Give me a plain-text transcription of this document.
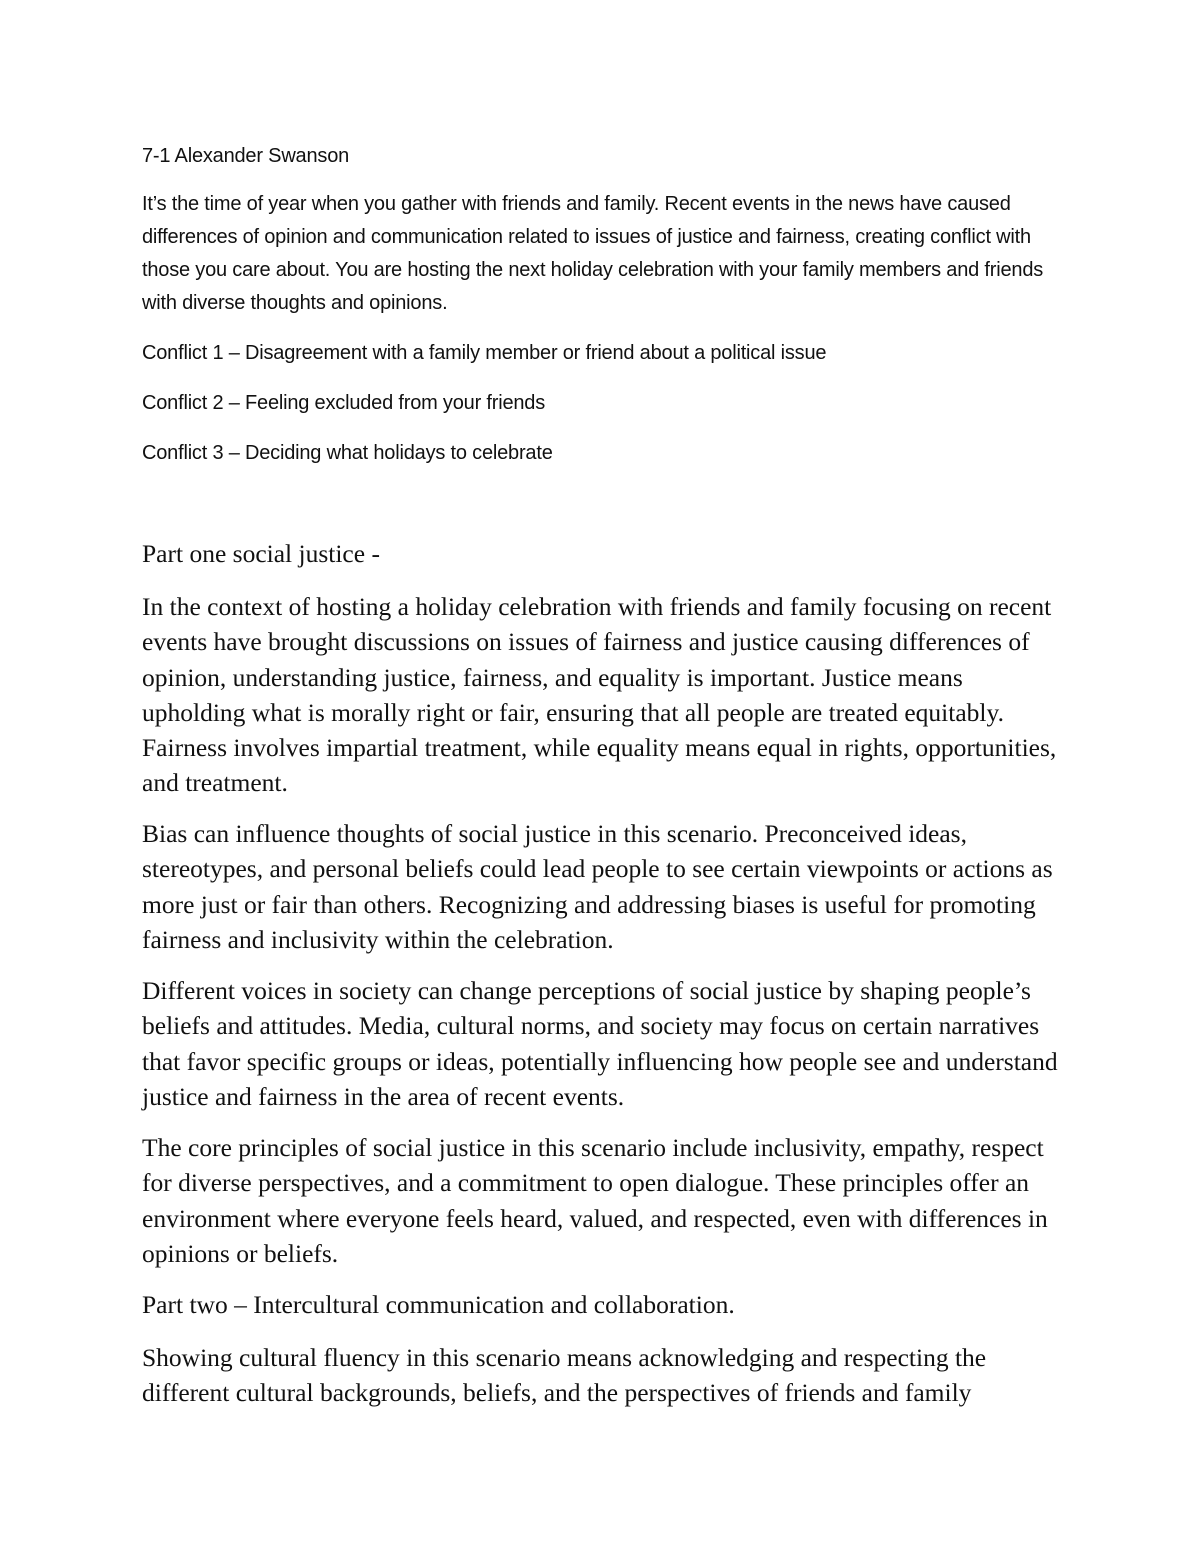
7-1 Alexander Swanson

It’s the time of year when you gather with friends and family. Recent events in the news have caused differences of opinion and communication related to issues of justice and fairness, creating conflict with those you care about. You are hosting the next holiday celebration with your family members and friends with diverse thoughts and opinions.

Conflict 1 – Disagreement with a family member or friend about a political issue

Conflict 2 – Feeling excluded from your friends

Conflict 3 – Deciding what holidays to celebrate

Part one social justice -

In the context of hosting a holiday celebration with friends and family focusing on recent events have brought discussions on issues of fairness and justice causing differences of opinion, understanding justice, fairness, and equality is important. Justice means upholding what is morally right or fair, ensuring that all people are treated equitably. Fairness involves impartial treatment, while equality means equal in rights, opportunities, and treatment.

Bias can influence thoughts of social justice in this scenario. Preconceived ideas, stereotypes, and personal beliefs could lead people to see certain viewpoints or actions as more just or fair than others. Recognizing and addressing biases is useful for promoting fairness and inclusivity within the celebration.

Different voices in society can change perceptions of social justice by shaping people’s beliefs and attitudes. Media, cultural norms, and society may focus on certain narratives that favor specific groups or ideas, potentially influencing how people see and understand justice and fairness in the area of recent events.

The core principles of social justice in this scenario include inclusivity, empathy, respect for diverse perspectives, and a commitment to open dialogue. These principles offer an environment where everyone feels heard, valued, and respected, even with differences in opinions or beliefs.

Part two – Intercultural communication and collaboration.

Showing cultural fluency in this scenario means acknowledging and respecting the different cultural backgrounds, beliefs, and the perspectives of friends and family
